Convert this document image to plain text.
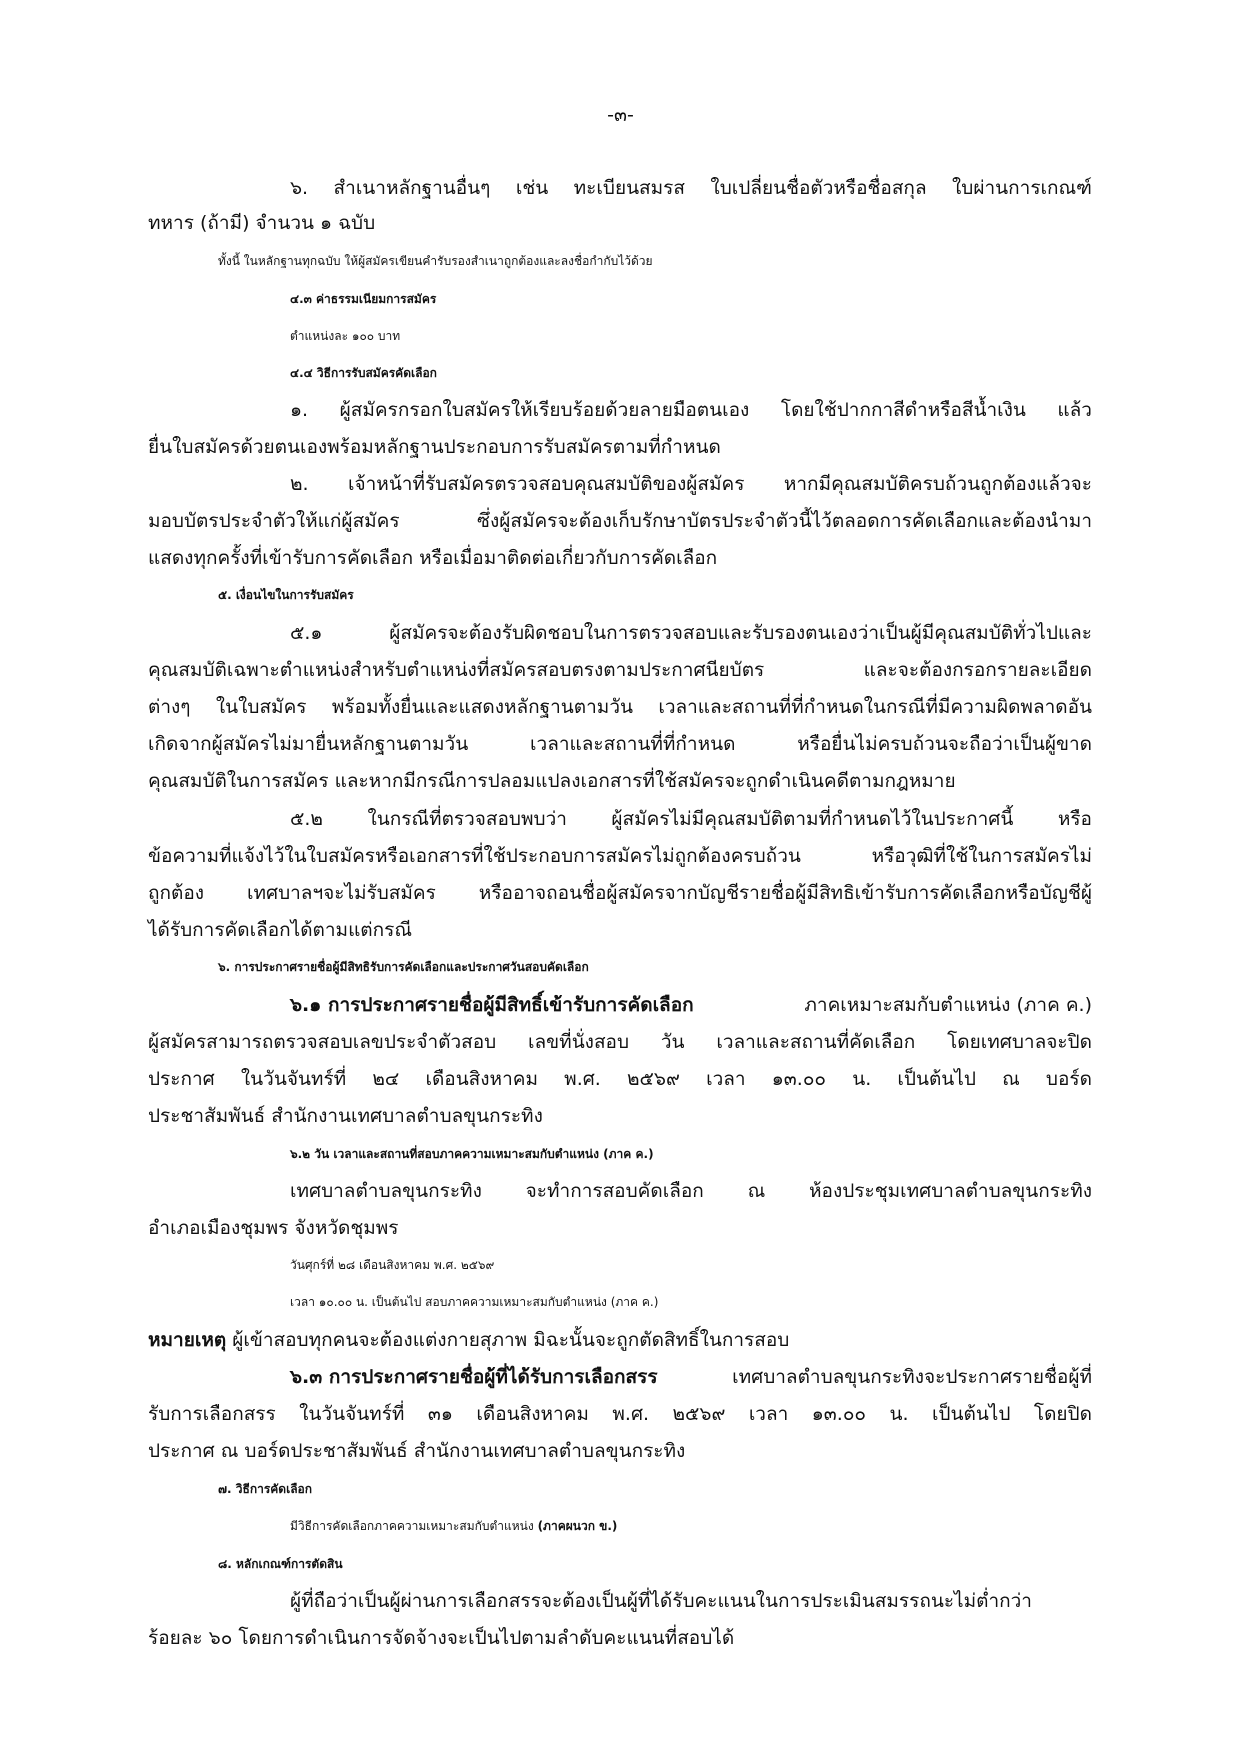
-๓-
๖. สำเนาหลักฐานอื่นๆ เช่น ทะเบียนสมรส ใบเปลี่ยนชื่อตัวหรือชื่อสกุล ใบผ่านการเกณฑ์
ทหาร (ถ้ามี) จำนวน ๑ ฉบับ
ทั้งนี้ ในหลักฐานทุกฉบับ ให้ผู้สมัครเขียนคำรับรองสำเนาถูกต้องและลงชื่อกำกับไว้ด้วย
๔.๓ ค่าธรรมเนียมการสมัคร
ตำแหน่งละ ๑๐๐ บาท
๔.๔ วิธีการรับสมัครคัดเลือก
๑. ผู้สมัครกรอกใบสมัครให้เรียบร้อยด้วยลายมือตนเอง โดยใช้ปากกาสีดำหรือสีน้ำเงิน แล้ว
ยื่นใบสมัครด้วยตนเองพร้อมหลักฐานประกอบการรับสมัครตามที่กำหนด
๒. เจ้าหน้าที่รับสมัครตรวจสอบคุณสมบัติของผู้สมัคร หากมีคุณสมบัติครบถ้วนถูกต้องแล้วจะ
มอบบัตรประจำตัวให้แก่ผู้สมัคร	ซึ่งผู้สมัครจะต้องเก็บรักษาบัตรประจำตัวนี้ไว้ตลอดการคัดเลือกและต้องนำมา
แสดงทุกครั้งที่เข้ารับการคัดเลือก หรือเมื่อมาติดต่อเกี่ยวกับการคัดเลือก
๕. เงื่อนไขในการรับสมัคร
๕.๑	ผู้สมัครจะต้องรับผิดชอบในการตรวจสอบและรับรองตนเองว่าเป็นผู้มีคุณสมบัติทั่วไปและ
คุณสมบัติเฉพาะตำแหน่งสำหรับตำแหน่งที่สมัครสอบตรงตามประกาศนียบัตร	และจะต้องกรอกรายละเอียด
ต่างๆ ในใบสมัคร พร้อมทั้งยื่นและแสดงหลักฐานตามวัน เวลาและสถานที่ที่กำหนดในกรณีที่มีความผิดพลาดอัน
เกิดจากผู้สมัครไม่มายื่นหลักฐานตามวัน	เวลาและสถานที่ที่กำหนด	หรือยื่นไม่ครบถ้วนจะถือว่าเป็นผู้ขาด
คุณสมบัติในการสมัคร และหากมีกรณีการปลอมแปลงเอกสารที่ใช้สมัครจะถูกดำเนินคดีตามกฎหมาย
๕.๒ ในกรณีที่ตรวจสอบพบว่า ผู้สมัครไม่มีคุณสมบัติตามที่กำหนดไว้ในประกาศนี้ หรือ
ข้อความที่แจ้งไว้ในใบสมัครหรือเอกสารที่ใช้ประกอบการสมัครไม่ถูกต้องครบถ้วน	หรือวุฒิที่ใช้ในการสมัครไม่
ถูกต้อง เทศบาลฯจะไม่รับสมัคร หรืออาจถอนชื่อผู้สมัครจากบัญชีรายชื่อผู้มีสิทธิเข้ารับการคัดเลือกหรือบัญชีผู้
ได้รับการคัดเลือกได้ตามแต่กรณี
๖. การประกาศรายชื่อผู้มีสิทธิรับการคัดเลือกและประกาศวันสอบคัดเลือก
๖.๑ การประกาศรายชื่อผู้มีสิทธิ์เข้ารับการคัดเลือก	ภาคเหมาะสมกับตำแหน่ง (ภาค ค.)
ผู้สมัครสามารถตรวจสอบเลขประจำตัวสอบ เลขที่นั่งสอบ วัน เวลาและสถานที่คัดเลือก โดยเทศบาลจะปิด
ประกาศ ในวันจันทร์ที่ ๒๔ เดือนสิงหาคม พ.ศ. ๒๕๖๙ เวลา ๑๓.๐๐ น. เป็นต้นไป ณ บอร์ด
ประชาสัมพันธ์ สำนักงานเทศบาลตำบลขุนกระทิง
๖.๒ วัน เวลาและสถานที่สอบภาคความเหมาะสมกับตำแหน่ง (ภาค ค.)
เทศบาลตำบลขุนกระทิง จะทำการสอบคัดเลือก ณ ห้องประชุมเทศบาลตำบลขุนกระทิง
อำเภอเมืองชุมพร จังหวัดชุมพร
วันศุกร์ที่ ๒๘ เดือนสิงหาคม พ.ศ. ๒๕๖๙
เวลา ๑๐.๐๐ น. เป็นต้นไป สอบภาคความเหมาะสมกับตำแหน่ง (ภาค ค.)
หมายเหตุ ผู้เข้าสอบทุกคนจะต้องแต่งกายสุภาพ มิฉะนั้นจะถูกตัดสิทธิ์ในการสอบ
๖.๓ การประกาศรายชื่อผู้ที่ได้รับการเลือกสรร	เทศบาลตำบลขุนกระทิงจะประกาศรายชื่อผู้ที่
รับการเลือกสรร ในวันจันทร์ที่ ๓๑ เดือนสิงหาคม พ.ศ. ๒๕๖๙ เวลา ๑๓.๐๐ น. เป็นต้นไป โดยปิด
ประกาศ ณ บอร์ดประชาสัมพันธ์ สำนักงานเทศบาลตำบลขุนกระทิง
๗. วิธีการคัดเลือก
มีวิธีการคัดเลือกภาคความเหมาะสมกับตำแหน่ง (ภาคผนวก ข.)
๘. หลักเกณฑ์การตัดสิน
ผู้ที่ถือว่าเป็นผู้ผ่านการเลือกสรรจะต้องเป็นผู้ที่ได้รับคะแนนในการประเมินสมรรถนะไม่ต่ำกว่า
ร้อยละ ๖๐ โดยการดำเนินการจัดจ้างจะเป็นไปตามลำดับคะแนนที่สอบได้
